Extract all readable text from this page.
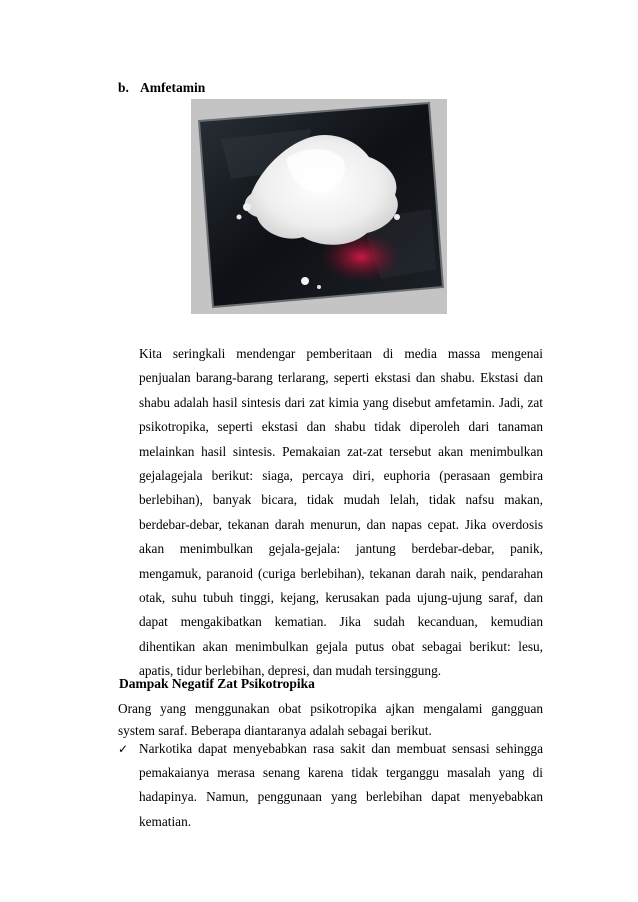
b. Amfetamin

Kita seringkali mendengar pemberitaan di media massa mengenai penjualan barang-barang terlarang, seperti ekstasi dan shabu. Ekstasi dan shabu adalah hasil sintesis dari zat kimia yang disebut amfetamin. Jadi, zat psikotropika, seperti ekstasi dan shabu tidak diperoleh dari tanaman melainkan hasil sintesis. Pemakaian zat-zat tersebut akan menimbulkan gejalagejala berikut: siaga, percaya diri, euphoria (perasaan gembira berlebihan), banyak bicara, tidak mudah lelah, tidak nafsu makan, berdebar-debar, tekanan darah menurun, dan napas cepat. Jika overdosis akan menimbulkan gejala-gejala: jantung berdebar-debar, panik, mengamuk, paranoid (curiga berlebihan), tekanan darah naik, pendarahan otak, suhu tubuh tinggi, kejang, kerusakan pada ujung-ujung saraf, dan dapat mengakibatkan kematian. Jika sudah kecanduan, kemudian dihentikan akan menimbulkan gejala putus obat sebagai berikut: lesu, apatis, tidur berlebihan, depresi, dan mudah tersinggung.

Dampak Negatif Zat Psikotropika

Orang yang menggunakan obat psikotropika ajkan mengalami gangguan system saraf. Beberapa diantaranya adalah sebagai berikut.

✓ Narkotika dapat menyebabkan rasa sakit dan membuat sensasi sehingga pemakaianya merasa senang karena tidak terganggu masalah yang di hadapinya. Namun, penggunaan yang berlebihan dapat menyebabkan kematian.
